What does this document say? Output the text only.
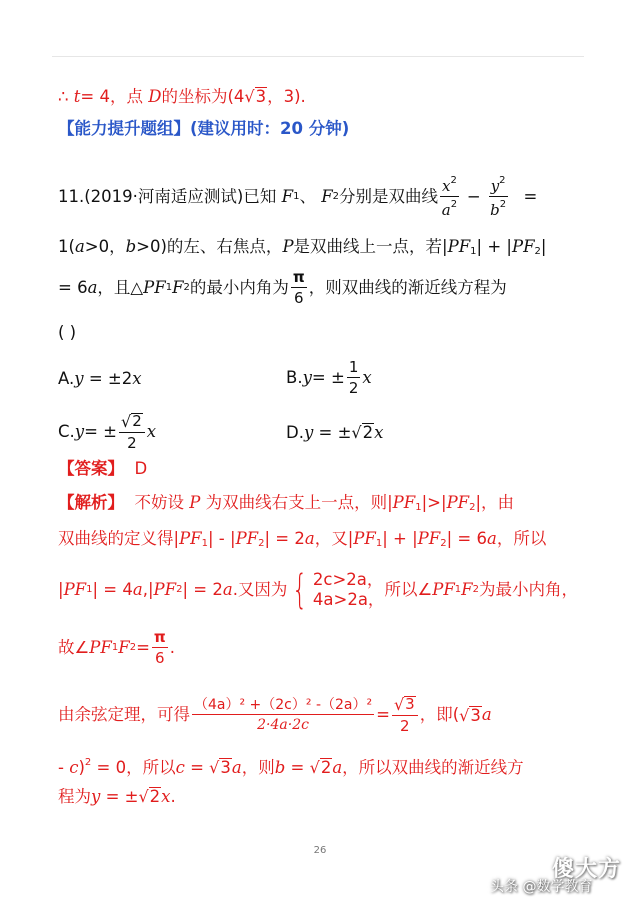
∴ t= 4，点 D的坐标为(4 √ 3 ，3).
【能力提升题组】(建议用时：20 分钟)
11.(2019·河南适应测试)已知
F 1 、
F 2 分别是双曲线 $\frac{x^2}{a^2} - \frac{y^2}{b^2}$ =
1(a>0，b>0)的左、右焦点，P是双曲线上一点，若$|PF_1| + |PF_2|$
= 6 a ，且△ PF 1 F 2 的最小内角为 $\frac{\pi}{6}$ ，则双曲线的渐近线方程为
( )
A.y = ±2x	B. y = ± $\frac{1}{2}$ x
C. y = ± $\frac{√ 2}{2}$ x	D.y = ± √ 2 x
【答案】 D
【解析】 不妨设 P 为双曲线右支上一点，则$|PF_1|>|PF_2|$，由
双曲线的定义得$|PF_1| - |PF_2| = 2a$，又$|PF_1| + |PF_2| = 6a$，所以
| PF 1 | = 4 a ,| PF 2 | = 2 a .又因为 { 2c>2a，
4a>2a，
所以∠ PF 1 F 2 为最小内角，
故∠ PF 1 F $2 = \frac{\pi}{6}$ .
由余弦定理，可得 $\frac{\text{（4a）² +（2c）² -（2a）²}}{2\cdot 4a\cdot 2c} = \frac{√ 3}{2}$ ，即( √ 3 a
- c)$^2$ = 0，所以c = √ 3 a，则b = √ 2 a，所以双曲线的渐近线方
程为y = ± √ 2 x.
26
傻大方
头条 @数学教育
